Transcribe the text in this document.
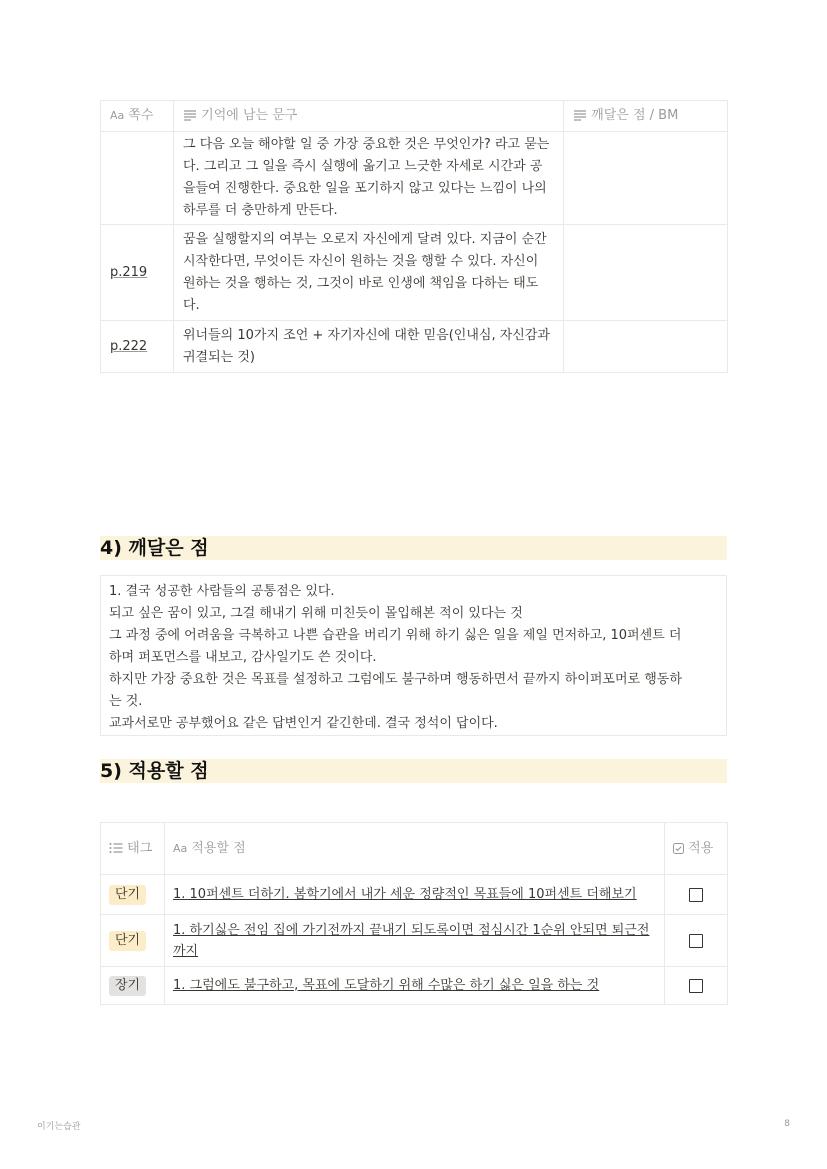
Aa 쪽수	기억에 남는 문구	깨달은 점 / BM
	그 다음 오늘 해야할 일 중 가장 중요한 것은 무엇인가? 라고 묻는다. 그리고 그 일을 즉시 실행에 옮기고 느긋한 자세로 시간과 공을들여 진행한다. 중요한 일을 포기하지 않고 있다는 느낌이 나의 하루를 더 충만하게 만든다.	
p.219	꿈을 실행할지의 여부는 오로지 자신에게 달려 있다. 지금이 순간 시작한다면, 무엇이든 자신이 원하는 것을 행할 수 있다. 자신이 원하는 것을 행하는 것, 그것이 바로 인생에 책임을 다하는 태도다.	
p.222	위너들의 10가지 조언 + 자기자신에 대한 믿음(인내심, 자신감과 귀결되는 것)	
4) 깨달은 점
1. 결국 성공한 사람들의 공통점은 있다.
되고 싶은 꿈이 있고, 그걸 해내기 위해 미친듯이 몰입해본 적이 있다는 것
그 과정 중에 어려움을 극복하고 나쁜 습관을 버리기 위해 하기 싫은 일을 제일 먼저하고, 10퍼센트 더
하며 퍼포먼스를 내보고, 감사일기도 쓴 것이다.
하지만 가장 중요한 것은 목표를 설정하고 그럼에도 불구하며 행동하면서 끝까지 하이퍼포머로 행동하
는 것.
교과서로만 공부했어요 같은 답변인거 같긴한데. 결국 정석이 답이다.
5) 적용할 점
태그	Aa 적용할 점	적용
단기	1. 10퍼센트 더하기. 봄학기에서 내가 세운 정량적인 목표들에 10퍼센트 더해보기	
단기	1. 하기싫은 전임 집에 가기전까지 끝내기 되도록이면 점심시간 1순위 안되면 퇴근전까지	
장기	1. 그럼에도 불구하고, 목표에 도달하기 위해 수많은 하기 싫은 일을 하는 것	
이기는습관	8
